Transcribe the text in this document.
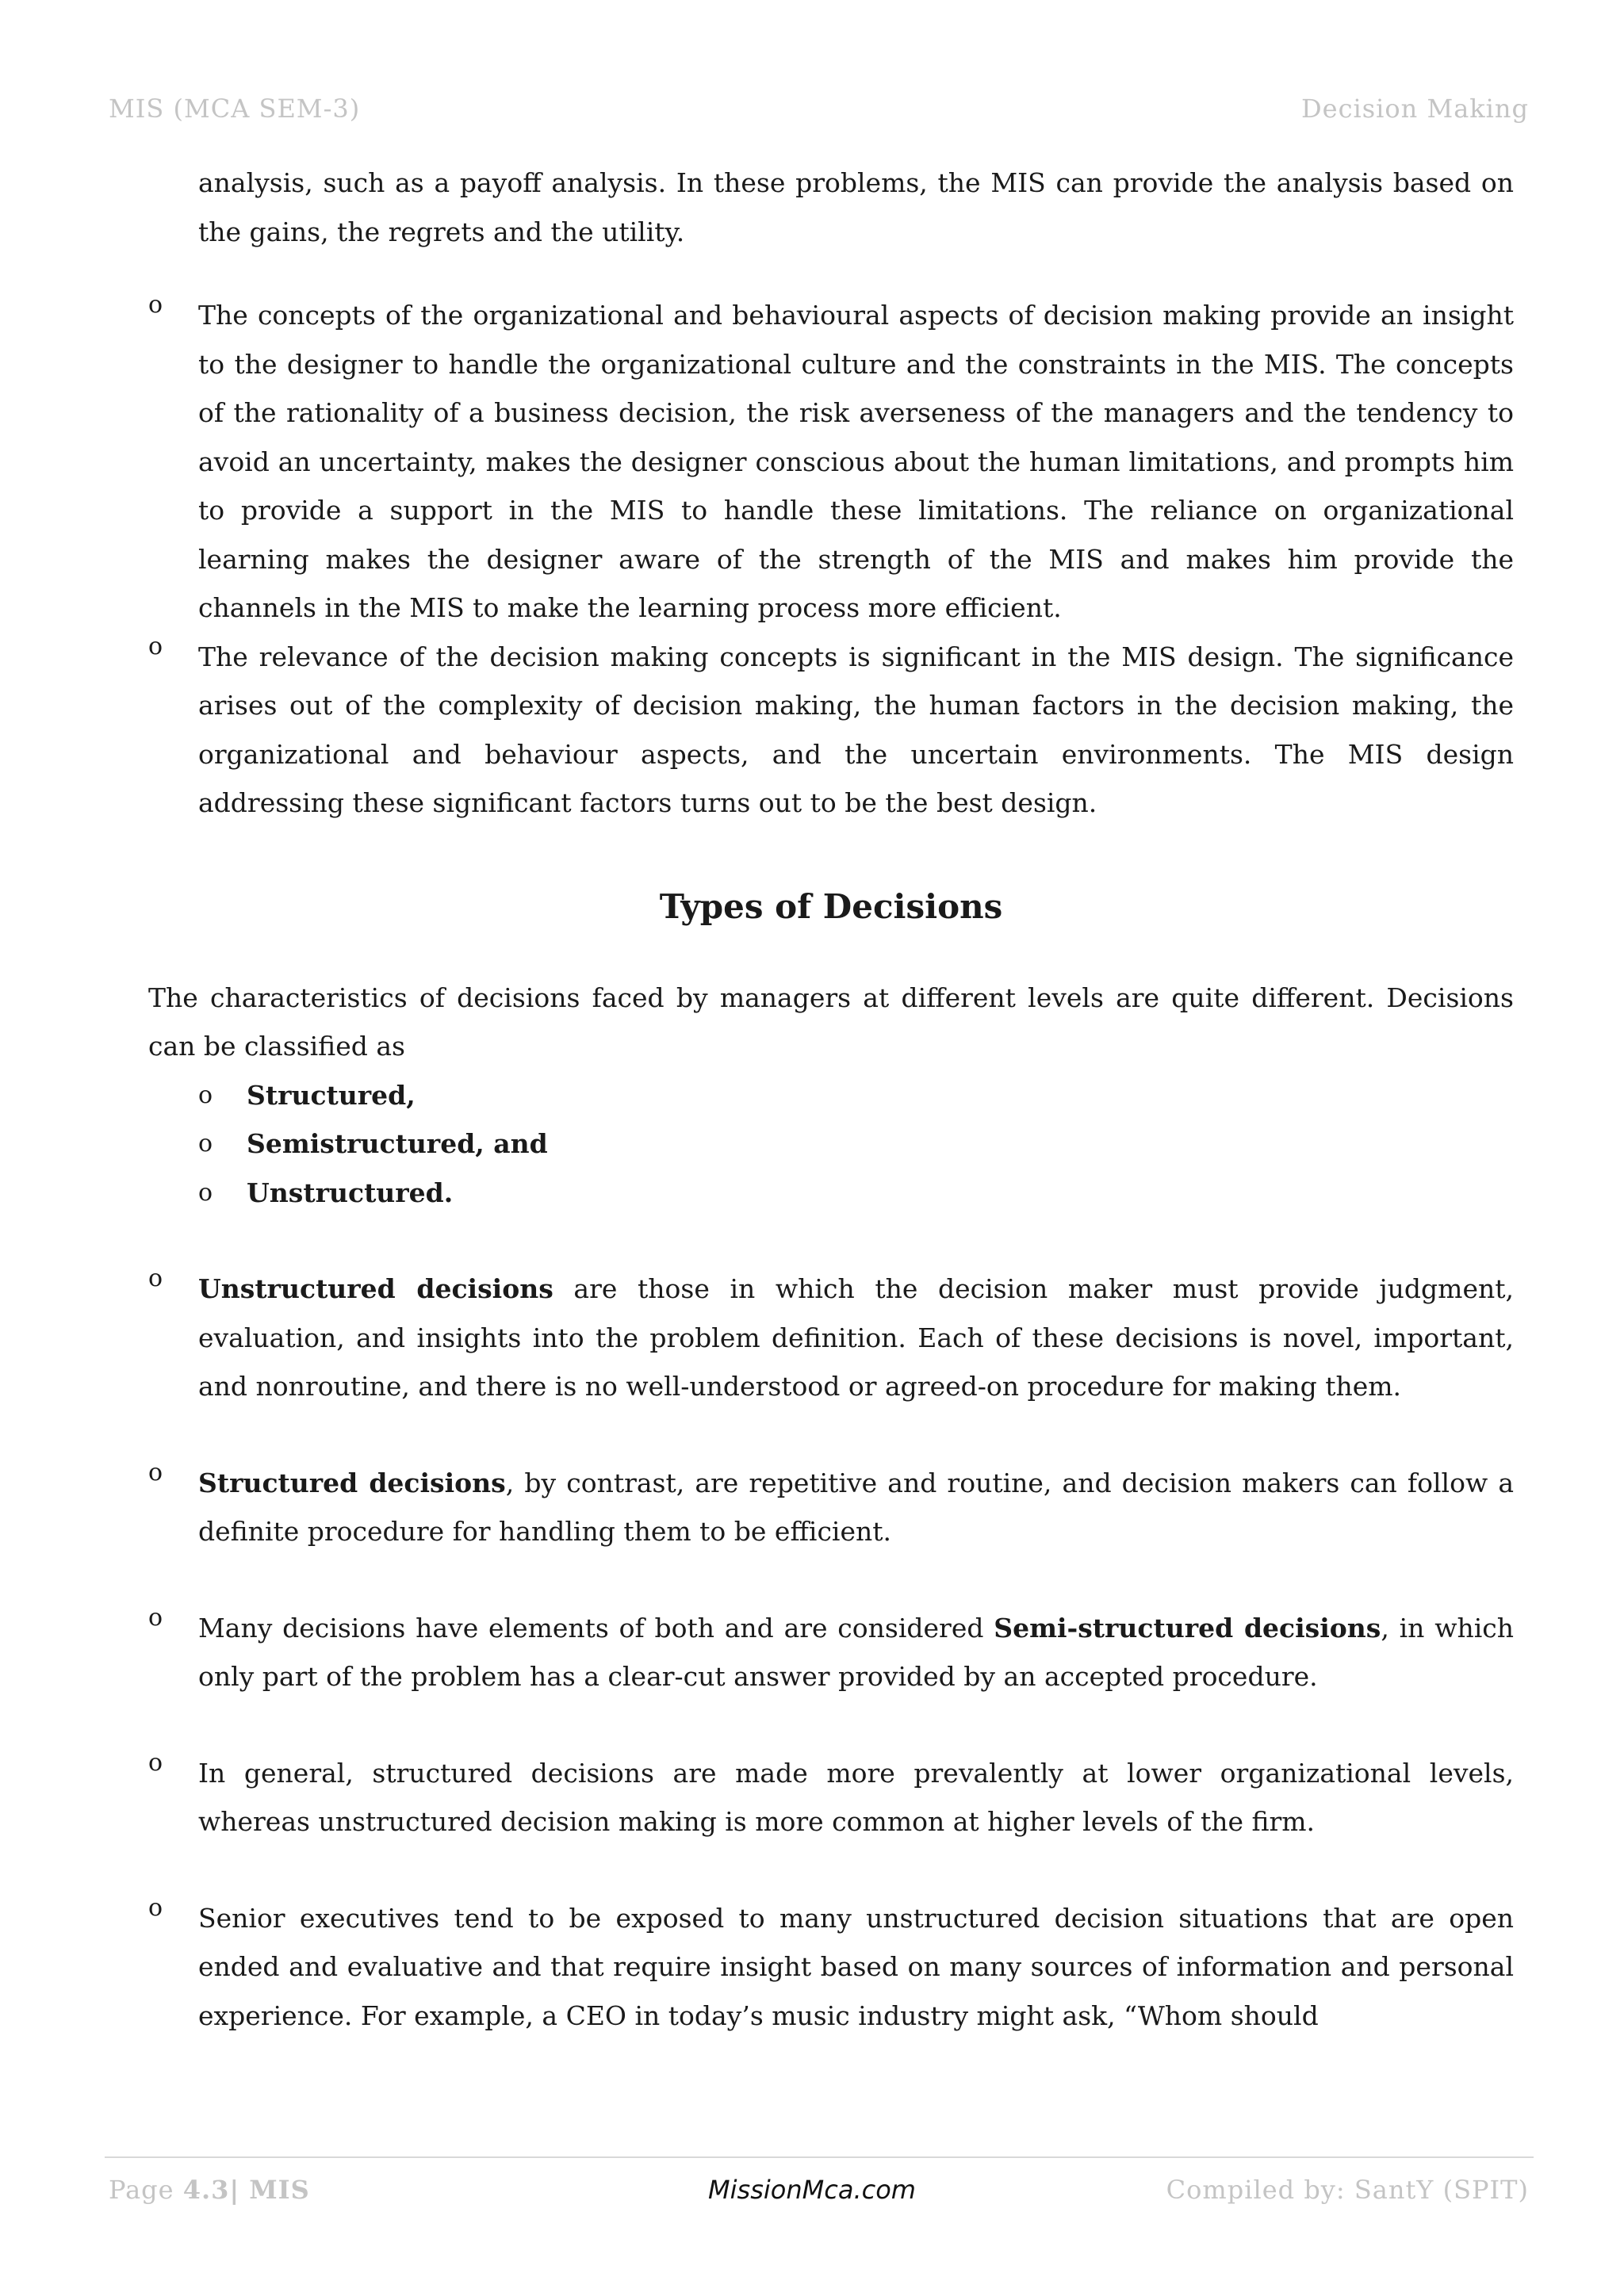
MIS (MCA SEM-3)	Decision Making

analysis, such as a payoff analysis. In these problems, the MIS can provide the analysis based on the gains, the regrets and the utility.

o The concepts of the organizational and behavioural aspects of decision making provide an insight to the designer to handle the organizational culture and the constraints in the MIS. The concepts of the rationality of a business decision, the risk averseness of the managers and the tendency to avoid an uncertainty, makes the designer conscious about the human limitations, and prompts him to provide a support in the MIS to handle these limitations. The reliance on organizational learning makes the designer aware of the strength of the MIS and makes him provide the channels in the MIS to make the learning process more efficient.

o The relevance of the decision making concepts is significant in the MIS design. The significance arises out of the complexity of decision making, the human factors in the decision making, the organizational and behaviour aspects, and the uncertain environments. The MIS design addressing these significant factors turns out to be the best design.

Types of Decisions

The characteristics of decisions faced by managers at different levels are quite different. Decisions can be classified as

o Structured,
o Semistructured, and
o Unstructured.
o Unstructured decisions are those in which the decision maker must provide judgment, evaluation, and insights into the problem definition. Each of these decisions is novel, important, and nonroutine, and there is no well-understood or agreed-on procedure for making them.

o Structured decisions, by contrast, are repetitive and routine, and decision makers can follow a definite procedure for handling them to be efficient.

o Many decisions have elements of both and are considered Semi-structured decisions, in which only part of the problem has a clear-cut answer provided by an accepted procedure.

o In general, structured decisions are made more prevalently at lower organizational levels, whereas unstructured decision making is more common at higher levels of the firm.

o Senior executives tend to be exposed to many unstructured decision situations that are open ended and evaluative and that require insight based on many sources of information and personal experience. For example, a CEO in today’s music industry might ask, “Whom should

Page 4.3| MIS	MissionMca.com	Compiled by: SantY (SPIT)
